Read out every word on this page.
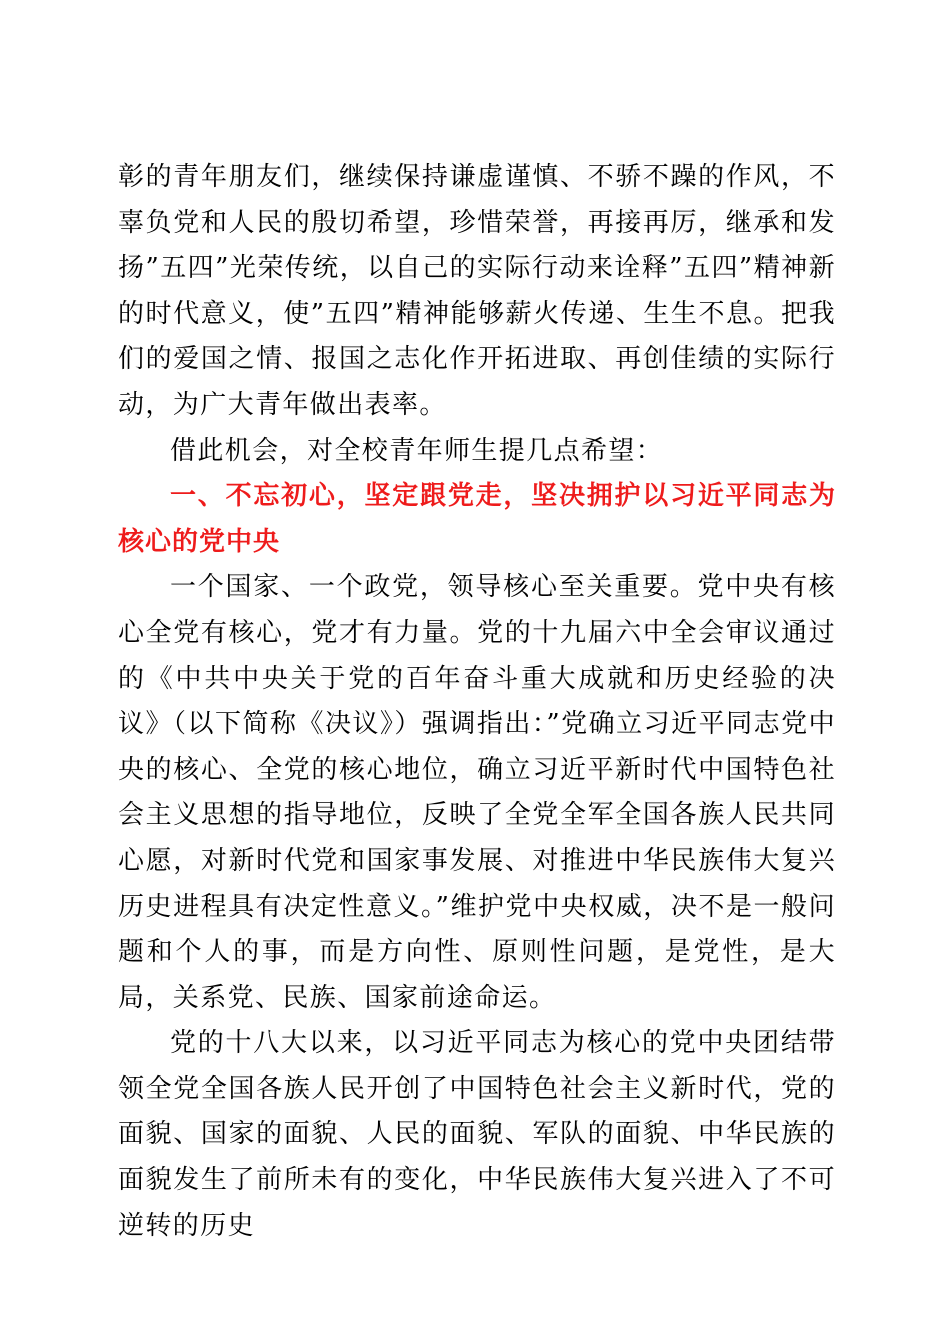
彰的青年朋友们，继续保持谦虚谨慎、不骄不躁的作风，不辜负党和人民的殷切希望，珍惜荣誉，再接再厉，继承和发扬”五四”光荣传统，以自己的实际行动来诠释”五四”精神新的时代意义，使”五四”精神能够薪火传递、生生不息。把我们的爱国之情、报国之志化作开拓进取、再创佳绩的实际行动，为广大青年做出表率。

借此机会，对全校青年师生提几点希望：

一、不忘初心，坚定跟党走，坚决拥护以习近平同志为核心的党中央

一个国家、一个政党，领导核心至关重要。党中央有核心全党有核心，党才有力量。党的十九届六中全会审议通过的《中共中央关于党的百年奋斗重大成就和历史经验的决议》（以下简称《决议》）强调指出：”党确立习近平同志党中央的核心、全党的核心地位，确立习近平新时代中国特色社会主义思想的指导地位，反映了全党全军全国各族人民共同心愿，对新时代党和国家事发展、对推进中华民族伟大复兴历史进程具有决定性意义。”维护党中央权威，决不是一般问题和个人的事，而是方向性、原则性问题，是党性，是大局，关系党、民族、国家前途命运。

党的十八大以来，以习近平同志为核心的党中央团结带领全党全国各族人民开创了中国特色社会主义新时代，党的面貌、国家的面貌、人民的面貌、军队的面貌、中华民族的面貌发生了前所未有的变化，中华民族伟大复兴进入了不可逆转的历史
